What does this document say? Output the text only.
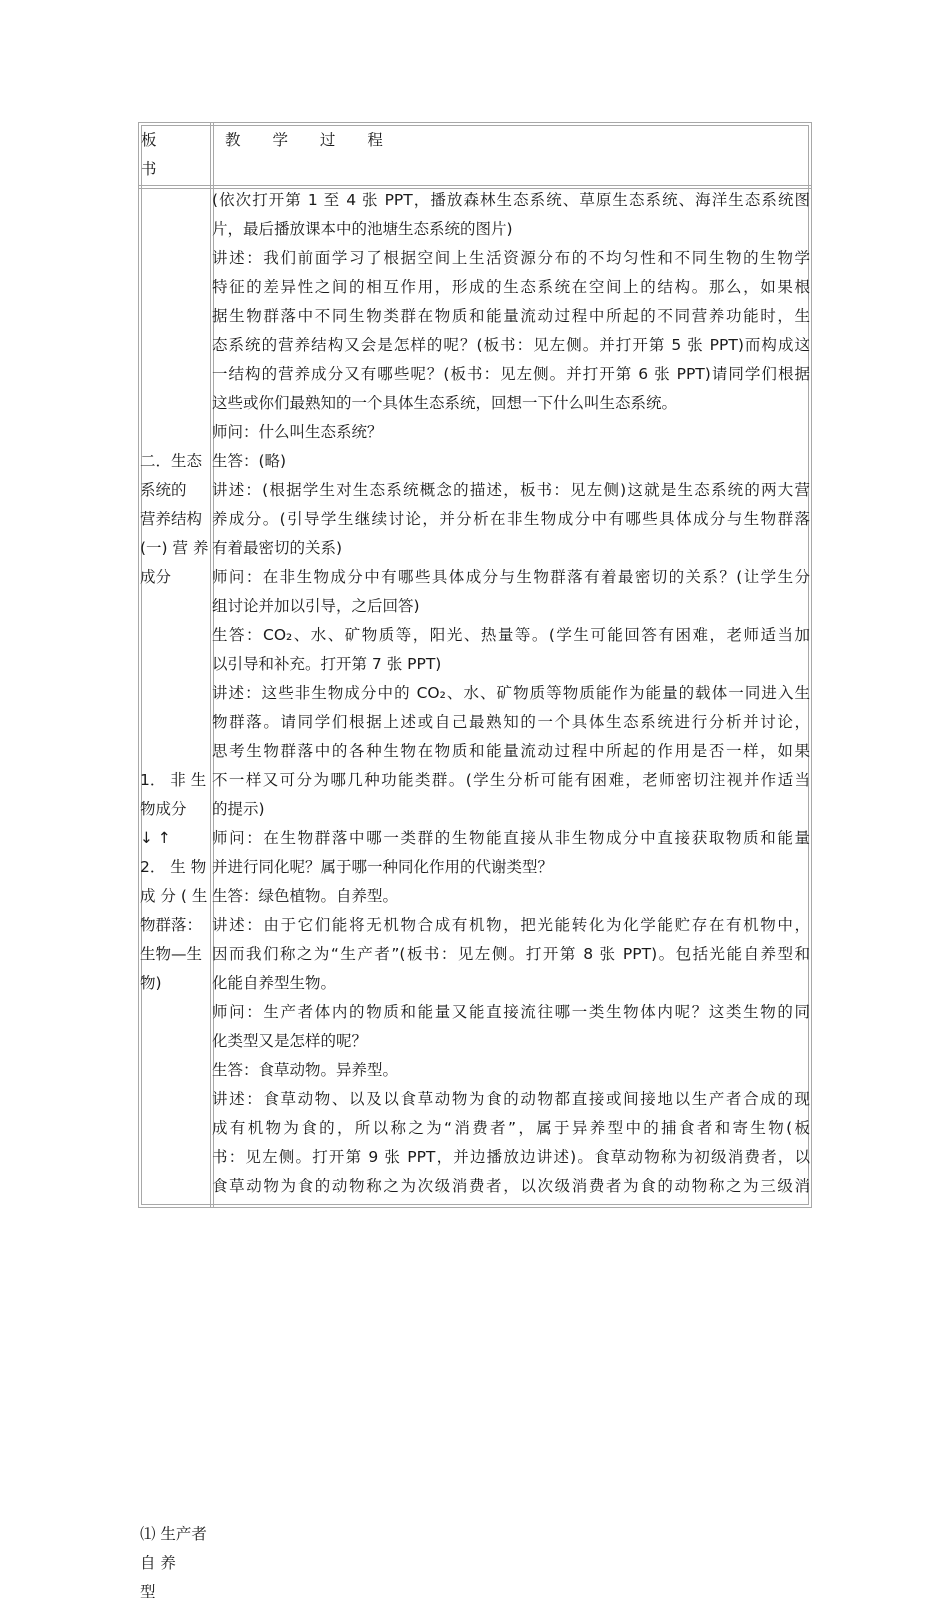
板
书
教 学 过 程

二．生态
系统的
营养结构
(一) 营 养
成分

1． 非 生
物成分
↓ ↑
2． 生 物
成 分 ( 生
物群落：
生物—生
物)

⑴ 生产者
自 养
型
(依次打开第 1 至 4 张 PPT，播放森林生态系统、草原生态系统、海洋生态系统图
片，最后播放课本中的池塘生态系统的图片)
讲述：我们前面学习了根据空间上生活资源分布的不均匀性和不同生物的生物学
特征的差异性之间的相互作用，形成的生态系统在空间上的结构。那么，如果根
据生物群落中不同生物类群在物质和能量流动过程中所起的不同营养功能时，生
态系统的营养结构又会是怎样的呢？(板书：见左侧。并打开第 5 张 PPT)而构成这
一结构的营养成分又有哪些呢？(板书：见左侧。并打开第 6 张 PPT)请同学们根据
这些或你们最熟知的一个具体生态系统，回想一下什么叫生态系统。
师问：什么叫生态系统？
生答：(略)
讲述：(根据学生对生态系统概念的描述，板书：见左侧)这就是生态系统的两大营
养成分。(引导学生继续讨论，并分析在非生物成分中有哪些具体成分与生物群落
有着最密切的关系)
师问：在非生物成分中有哪些具体成分与生物群落有着最密切的关系？(让学生分
组讨论并加以引导，之后回答)
生答：CO₂、水、矿物质等，阳光、热量等。(学生可能回答有困难，老师适当加
以引导和补充。打开第 7 张 PPT)
讲述：这些非生物成分中的 CO₂、水、矿物质等物质能作为能量的载体一同进入生
物群落。请同学们根据上述或自己最熟知的一个具体生态系统进行分析并讨论，
思考生物群落中的各种生物在物质和能量流动过程中所起的作用是否一样，如果
不一样又可分为哪几种功能类群。(学生分析可能有困难，老师密切注视并作适当
的提示)
师问：在生物群落中哪一类群的生物能直接从非生物成分中直接获取物质和能量
并进行同化呢？属于哪一种同化作用的代谢类型？
生答：绿色植物。自养型。
讲述：由于它们能将无机物合成有机物，把光能转化为化学能贮存在有机物中，
因而我们称之为“生产者”(板书：见左侧。打开第 8 张 PPT)。包括光能自养型和
化能自养型生物。
师问：生产者体内的物质和能量又能直接流往哪一类生物体内呢？这类生物的同
化类型又是怎样的呢？
生答：食草动物。异养型。
讲述：食草动物、以及以食草动物为食的动物都直接或间接地以生产者合成的现
成有机物为食的，所以称之为“消费者”，属于异养型中的捕食者和寄生物(板
书：见左侧。打开第 9 张 PPT，并边播放边讲述)。食草动物称为初级消费者，以
食草动物为食的动物称之为次级消费者，以次级消费者为食的动物称之为三级消
